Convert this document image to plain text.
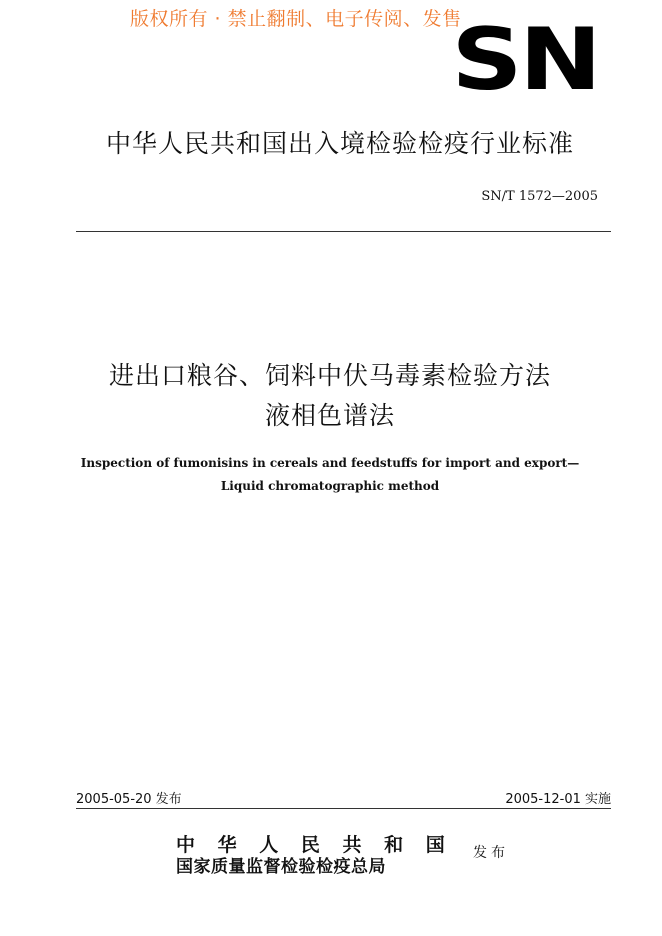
版权所有 · 禁止翻制、电子传阅、发售
SN
中华人民共和国出入境检验检疫行业标准
SN/T 1572—2005
进出口粮谷、饲料中伏马毒素检验方法
液相色谱法
Inspection of fumonisins in cereals and feedstuffs for import and export—
Liquid chromatographic method
2005-05-20 发布	2005-12-01 实施
中 华 人 民 共 和 国
国家质量监督检验检疫总局
发布
